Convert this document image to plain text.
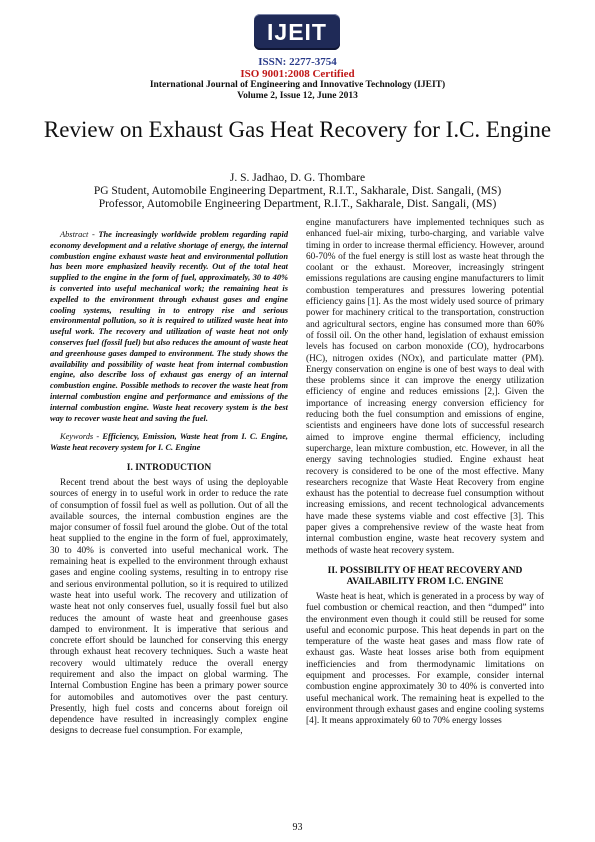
IJEIT
ISSN: 2277-3754
ISO 9001:2008 Certified
International Journal of Engineering and Innovative Technology (IJEIT)
Volume 2, Issue 12, June 2013
Review on Exhaust Gas Heat Recovery for I.C. Engine
J. S. Jadhao, D. G. Thombare
PG Student, Automobile Engineering Department, R.I.T., Sakharale, Dist. Sangali, (MS)
Professor, Automobile Engineering Department, R.I.T., Sakharale, Dist. Sangali, (MS)

Abstract - The increasingly worldwide problem regarding rapid economy development and a relative shortage of energy, the internal combustion engine exhaust waste heat and environmental pollution has been more emphasized heavily recently. Out of the total heat supplied to the engine in the form of fuel, approximately, 30 to 40% is converted into useful mechanical work; the remaining heat is expelled to the environment through exhaust gases and engine cooling systems, resulting in to entropy rise and serious environmental pollution, so it is required to utilized waste heat into useful work. The recovery and utilization of waste heat not only conserves fuel (fossil fuel) but also reduces the amount of waste heat and greenhouse gases damped to environment. The study shows the availability and possibility of waste heat from internal combustion engine, also describe loss of exhaust gas energy of an internal combustion engine. Possible methods to recover the waste heat from internal combustion engine and performance and emissions of the internal combustion engine. Waste heat recovery system is the best way to recover waste heat and saving the fuel.

Keywords - Efficiency, Emission, Waste heat from I. C. Engine, Waste heat recovery system for I. C. Engine

I. INTRODUCTION

Recent trend about the best ways of using the deployable sources of energy in to useful work in order to reduce the rate of consumption of fossil fuel as well as pollution. Out of all the available sources, the internal combustion engines are the major consumer of fossil fuel around the globe. Out of the total heat supplied to the engine in the form of fuel, approximately, 30 to 40% is converted into useful mechanical work. The remaining heat is expelled to the environment through exhaust gases and engine cooling systems, resulting in to entropy rise and serious environmental pollution, so it is required to utilized waste heat into useful work. The recovery and utilization of waste heat not only conserves fuel, usually fossil fuel but also reduces the amount of waste heat and greenhouse gases damped to environment. It is imperative that serious and concrete effort should be launched for conserving this energy through exhaust heat recovery techniques. Such a waste heat recovery would ultimately reduce the overall energy requirement and also the impact on global warming. The Internal Combustion Engine has been a primary power source for automobiles and automotives over the past century. Presently, high fuel costs and concerns about foreign oil dependence have resulted in increasingly complex engine designs to decrease fuel consumption. For example,

engine manufacturers have implemented techniques such as enhanced fuel-air mixing, turbo-charging, and variable valve timing in order to increase thermal efficiency. However, around 60-70% of the fuel energy is still lost as waste heat through the coolant or the exhaust. Moreover, increasingly stringent emissions regulations are causing engine manufacturers to limit combustion temperatures and pressures lowering potential efficiency gains [1]. As the most widely used source of primary power for machinery critical to the transportation, construction and agricultural sectors, engine has consumed more than 60% of fossil oil. On the other hand, legislation of exhaust emission levels has focused on carbon monoxide (CO), hydrocarbons (HC), nitrogen oxides (NOx), and particulate matter (PM). Energy conservation on engine is one of best ways to deal with these problems since it can improve the energy utilization efficiency of engine and reduces emissions [2,]. Given the importance of increasing energy conversion efficiency for reducing both the fuel consumption and emissions of engine, scientists and engineers have done lots of successful research aimed to improve engine thermal efficiency, including supercharge, lean mixture combustion, etc. However, in all the energy saving technologies studied. Engine exhaust heat recovery is considered to be one of the most effective. Many researchers recognize that Waste Heat Recovery from engine exhaust has the potential to decrease fuel consumption without increasing emissions, and recent technological advancements have made these systems viable and cost effective [3]. This paper gives a comprehensive review of the waste heat from internal combustion engine, waste heat recovery system and methods of waste heat recovery system.

II. POSSIBILITY OF HEAT RECOVERY AND AVAILABILITY FROM I.C. ENGINE

Waste heat is heat, which is generated in a process by way of fuel combustion or chemical reaction, and then “dumped” into the environment even though it could still be reused for some useful and economic purpose. This heat depends in part on the temperature of the waste heat gases and mass flow rate of exhaust gas. Waste heat losses arise both from equipment inefficiencies and from thermodynamic limitations on equipment and processes. For example, consider internal combustion engine approximately 30 to 40% is converted into useful mechanical work. The remaining heat is expelled to the environment through exhaust gases and engine cooling systems [4]. It means approximately 60 to 70% energy losses

93
